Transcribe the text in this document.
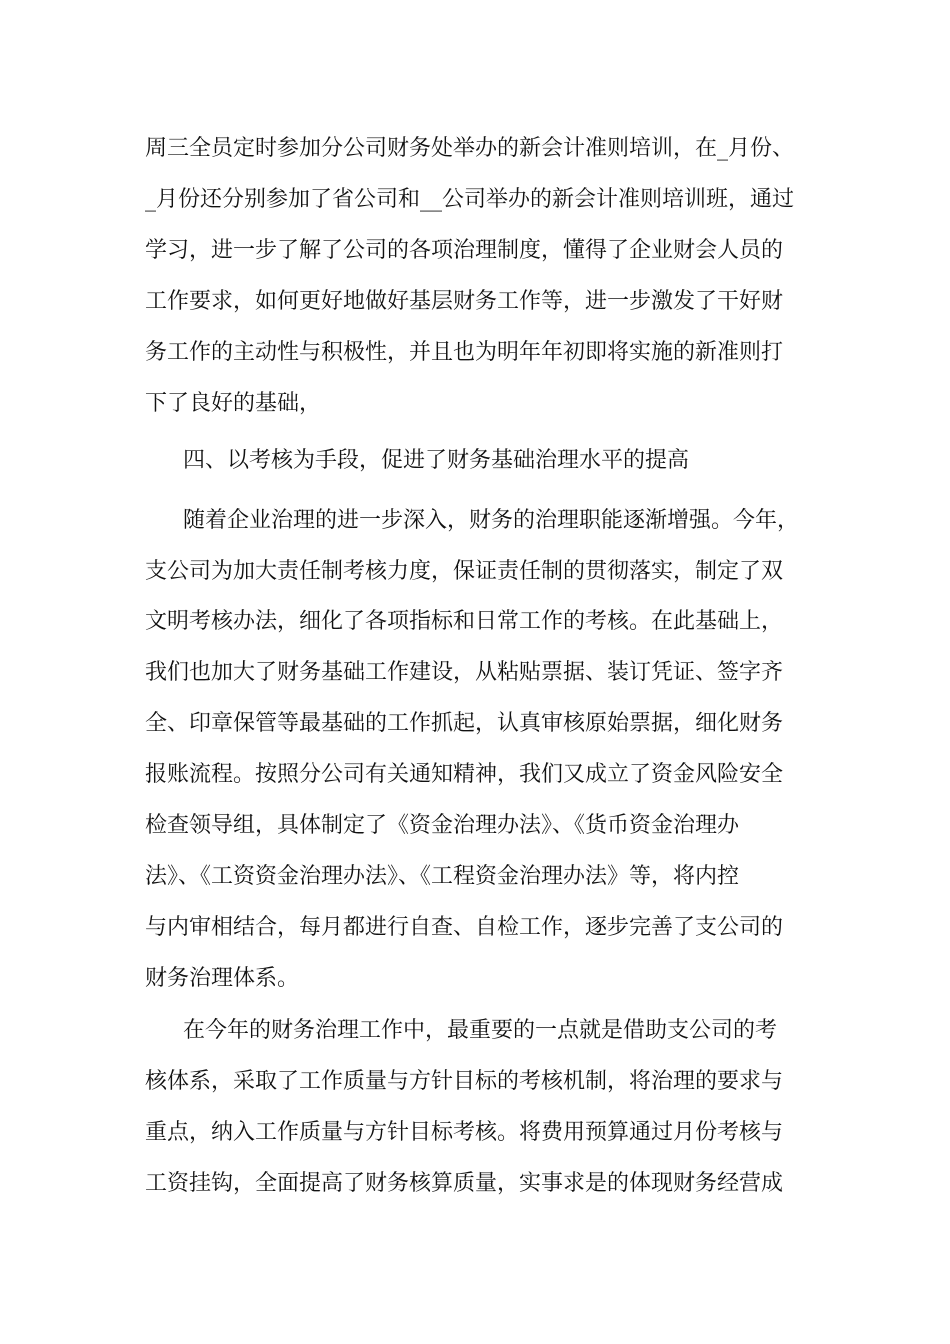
周三全员定时参加分公司财务处举办的新会计准则培训，在_月份、
_月份还分别参加了省公司和__公司举办的新会计准则培训班，通过
学习，进一步了解了公司的各项治理制度，懂得了企业财会人员的
工作要求，如何更好地做好基层财务工作等，进一步激发了干好财
务工作的主动性与积极性，并且也为明年年初即将实施的新准则打
下了良好的基础，
四、以考核为手段，促进了财务基础治理水平的提高
随着企业治理的进一步深入，财务的治理职能逐渐增强。今年，
支公司为加大责任制考核力度，保证责任制的贯彻落实，制定了双
文明考核办法，细化了各项指标和日常工作的考核。在此基础上，
我们也加大了财务基础工作建设，从粘贴票据、装订凭证、签字齐
全、印章保管等最基础的工作抓起，认真审核原始票据，细化财务
报账流程。按照分公司有关通知精神，我们又成立了资金风险安全
检查领导组，具体制定了《资金治理办法》、《货币资金治理办
法》、《工资资金治理办法》、《工程资金治理办法》等，将内控
与内审相结合，每月都进行自查、自检工作，逐步完善了支公司的
财务治理体系。
在今年的财务治理工作中，最重要的一点就是借助支公司的考
核体系，采取了工作质量与方针目标的考核机制，将治理的要求与
重点，纳入工作质量与方针目标考核。将费用预算通过月份考核与
工资挂钩，全面提高了财务核算质量，实事求是的体现财务经营成
